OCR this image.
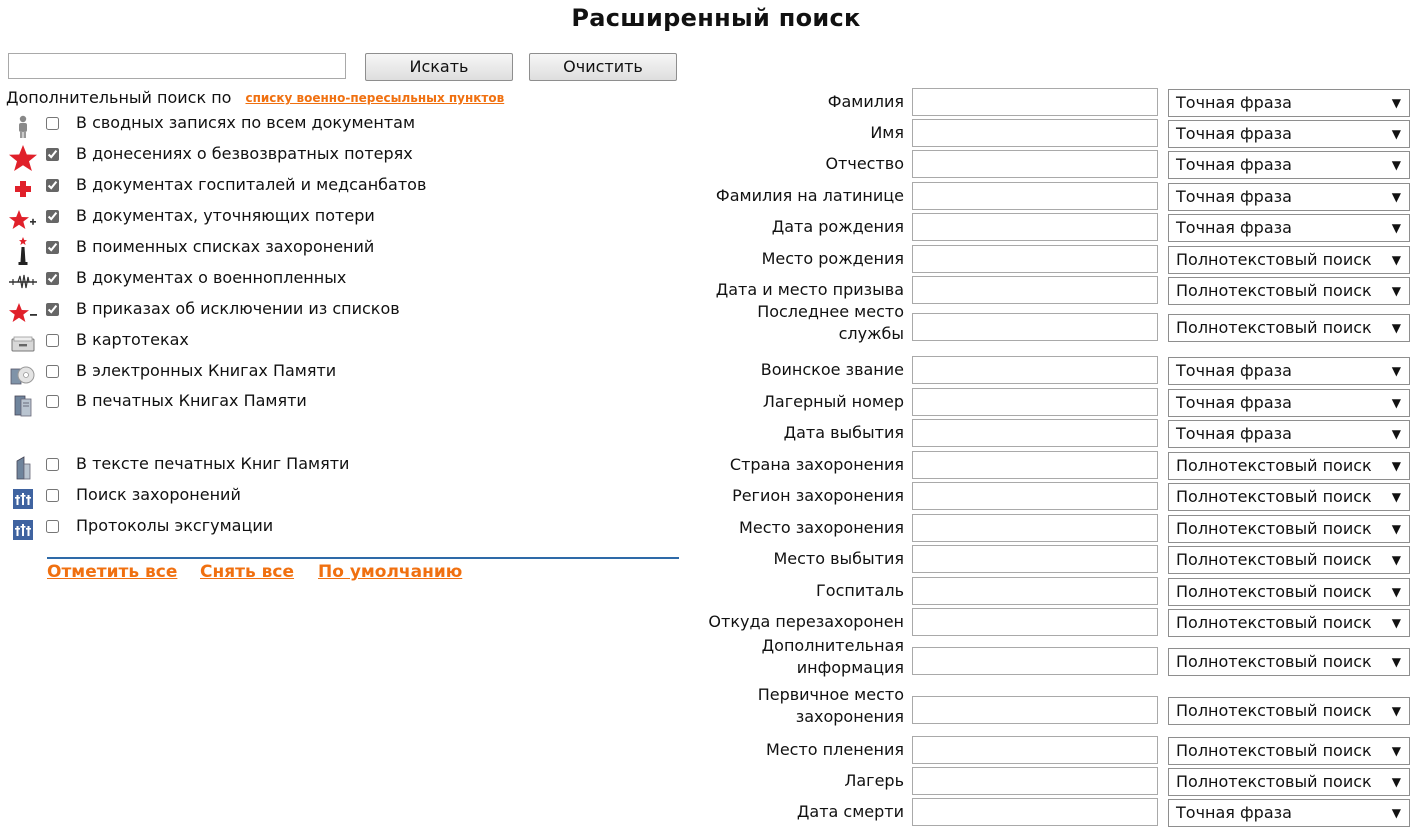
Расширенный поиск
Искать	Очистить
Дополнительный поиск по списку военно-пересыльных пунктов
В сводных записях по всем документам
В донесениях о безвозвратных потерях
В документах госпиталей и медсанбатов
В документах, уточняющих потери
В поименных списках захоронений
В документах о военнопленных
В приказах об исключении из списков
В картотеках
В электронных Книгах Памяти
В печатных Книгах Памяти
В тексте печатных Книг Памяти
Поиск захоронений
Протоколы эксгумации
Отметить все Снять все По умолчанию
Фамилия	Точная фраза	▼
Имя	Точная фраза	▼
Отчество	Точная фраза	▼
Фамилия на латинице	Точная фраза	▼
Дата рождения	Точная фраза	▼
Место рождения	Полнотекстовый поиск ▼
Дата и место призыва	Полнотекстовый поиск ▼
Последнее место службы	Полнотекстовый поиск ▼
Воинское звание	Точная фраза	▼
Лагерный номер	Точная фраза	▼
Дата выбытия	Точная фраза	▼
Страна захоронения	Полнотекстовый поиск ▼
Регион захоронения	Полнотекстовый поиск ▼
Место захоронения	Полнотекстовый поиск ▼
Место выбытия	Полнотекстовый поиск ▼
Госпиталь	Полнотекстовый поиск ▼
Откуда перезахоронен	Полнотекстовый поиск ▼
Дополнительная информация	Полнотекстовый поиск ▼
Первичное место захоронения	Полнотекстовый поиск ▼
Место пленения	Полнотекстовый поиск ▼
Лагерь	Полнотекстовый поиск ▼
Дата смерти	Точная фраза	▼
